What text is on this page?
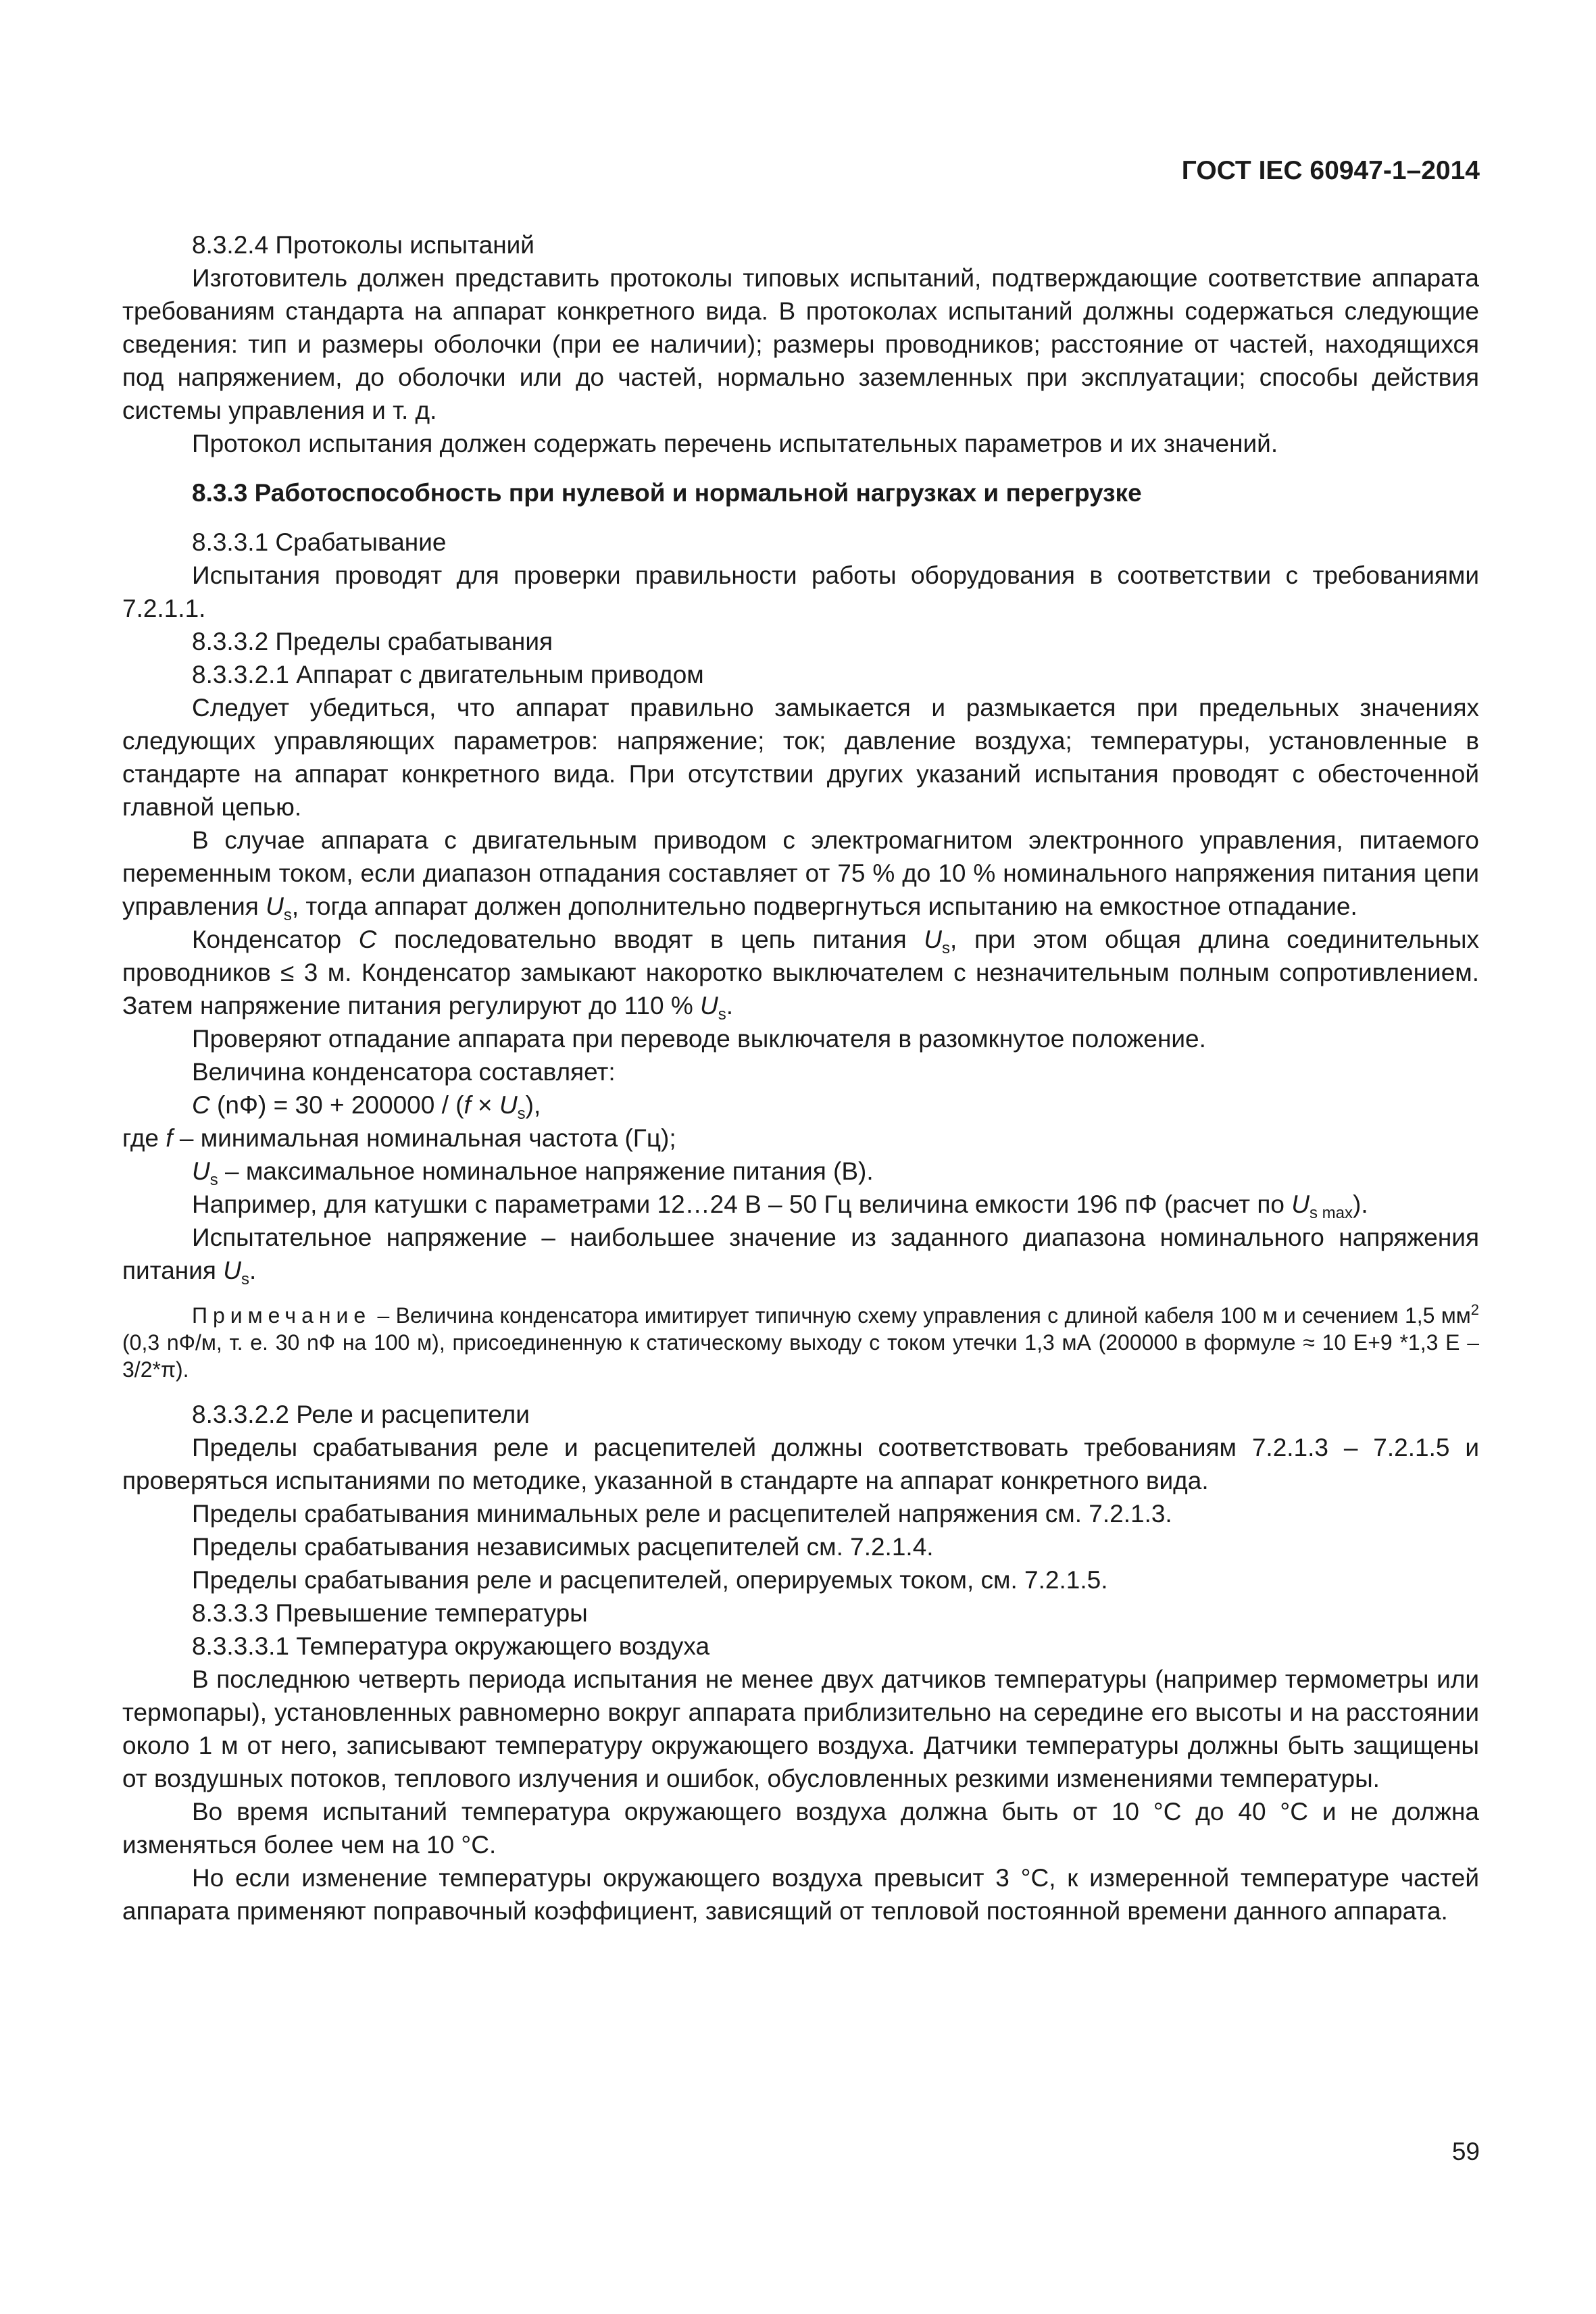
ГОСТ IEC 60947-1–2014

8.3.2.4 Протоколы испытаний

Изготовитель должен представить протоколы типовых испытаний, подтверждающие соответствие аппарата требованиям стандарта на аппарат конкретного вида. В протоколах испытаний должны содержаться следующие сведения: тип и размеры оболочки (при ее наличии); размеры проводников; расстояние от частей, находящихся под напряжением, до оболочки или до частей, нормально заземленных при эксплуатации; способы действия системы управления и т. д.

Протокол испытания должен содержать перечень испытательных параметров и их значений.

8.3.3 Работоспособность при нулевой и нормальной нагрузках и перегрузке

8.3.3.1 Срабатывание

Испытания проводят для проверки правильности работы оборудования в соответствии с требованиями 7.2.1.1.

8.3.3.2 Пределы срабатывания

8.3.3.2.1 Аппарат с двигательным приводом

Следует убедиться, что аппарат правильно замыкается и размыкается при предельных значениях следующих управляющих параметров: напряжение; ток; давление воздуха; температуры, установленные в стандарте на аппарат конкретного вида. При отсутствии других указаний испытания проводят с обесточенной главной цепью.

В случае аппарата с двигательным приводом с электромагнитом электронного управления, питаемого переменным током, если диапазон отпадания составляет от 75 % до 10 % номинального напряжения питания цепи управления $U_s$, тогда аппарат должен дополнительно подвергнуться испытанию на емкостное отпадание.

Конденсатор C последовательно вводят в цепь питания $U_s$, при этом общая длина соединительных проводников ≤ 3 м. Конденсатор замыкают накоротко выключателем с незначительным полным сопротивлением. Затем напряжение питания регулируют до 110 % $U_s$.

Проверяют отпадание аппарата при переводе выключателя в разомкнутое положение.

Величина конденсатора составляет:

C $(nФ) = 30 + 200000 / (f \times U_s)$,

где f – минимальная номинальная частота (Гц);

$U_s$ – максимальное номинальное напряжение питания (В).

Например, для катушки с параметрами 12…24 В – 50 Гц величина емкости 196 пФ (расчет по $U_{s max}$).

Испытательное напряжение – наибольшее значение из заданного диапазона номинального напряжения питания $U_s$.

Примечание – Величина конденсатора имитирует типичную схему управления с длиной кабеля 100 м и сечением 1,5 $мм^2$ (0,3 nФ/м, т. е. 30 nФ на 100 м), присоединенную к статическому выходу с током утечки 1,3 мА (200000 в формуле ≈ 10 E+9 *1,3 E – 3/2*π).

8.3.3.2.2 Реле и расцепители

Пределы срабатывания реле и расцепителей должны соответствовать требованиям 7.2.1.3 – 7.2.1.5 и проверяться испытаниями по методике, указанной в стандарте на аппарат конкретного вида.

Пределы срабатывания минимальных реле и расцепителей напряжения см. 7.2.1.3.

Пределы срабатывания независимых расцепителей см. 7.2.1.4.

Пределы срабатывания реле и расцепителей, оперируемых током, см. 7.2.1.5.

8.3.3.3 Превышение температуры

8.3.3.3.1 Температура окружающего воздуха

В последнюю четверть периода испытания не менее двух датчиков температуры (например термометры или термопары), установленных равномерно вокруг аппарата приблизительно на середине его высоты и на расстоянии около 1 м от него, записывают температуру окружающего воздуха. Датчики температуры должны быть защищены от воздушных потоков, теплового излучения и ошибок, обусловленных резкими изменениями температуры.

Во время испытаний температура окружающего воздуха должна быть от 10 °С до 40 °С и не должна изменяться более чем на 10 °С.

Но если изменение температуры окружающего воздуха превысит 3 °С, к измеренной температуре частей аппарата применяют поправочный коэффициент, зависящий от тепловой постоянной времени данного аппарата.

59
